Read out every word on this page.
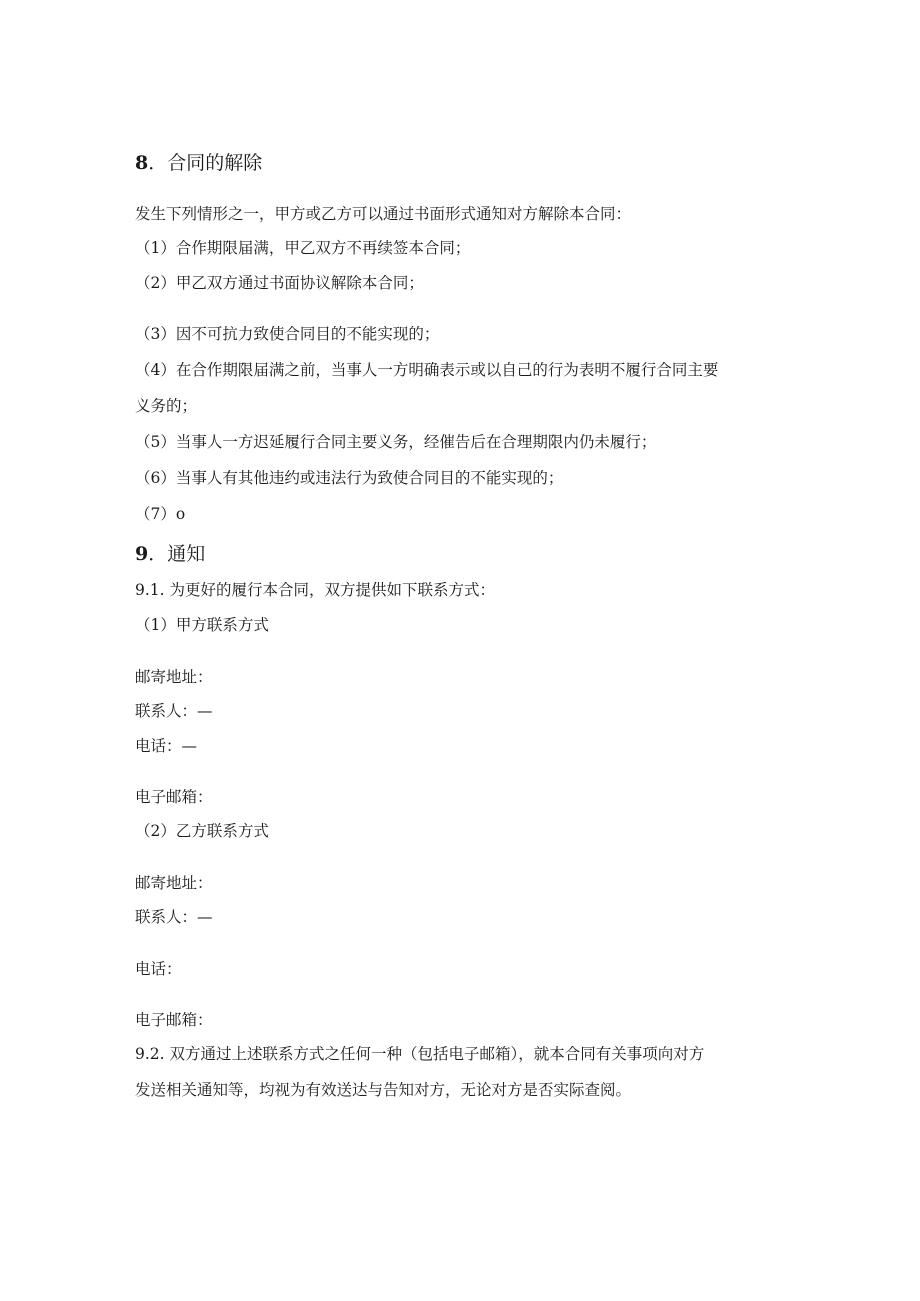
8．合同的解除
发生下列情形之一，甲方或乙方可以通过书面形式通知对方解除本合同：
（1）合作期限届满，甲乙双方不再续签本合同；
（2）甲乙双方通过书面协议解除本合同；
（3）因不可抗力致使合同目的不能实现的；
（4）在合作期限届满之前，当事人一方明确表示或以自己的行为表明不履行合同主要
义务的；
（5）当事人一方迟延履行合同主要义务，经催告后在合理期限内仍未履行；
（6）当事人有其他违约或违法行为致使合同目的不能实现的；
（7）o
9．通知
9.1. 为更好的履行本合同，双方提供如下联系方式：
（1）甲方联系方式
邮寄地址：
联系人：—
电话：—
电子邮箱：
（2）乙方联系方式
邮寄地址：
联系人：—
电话：
电子邮箱：
9.2. 双方通过上述联系方式之任何一种（包括电子邮箱），就本合同有关事项向对方
发送相关通知等，均视为有效送达与告知对方，无论对方是否实际查阅。
